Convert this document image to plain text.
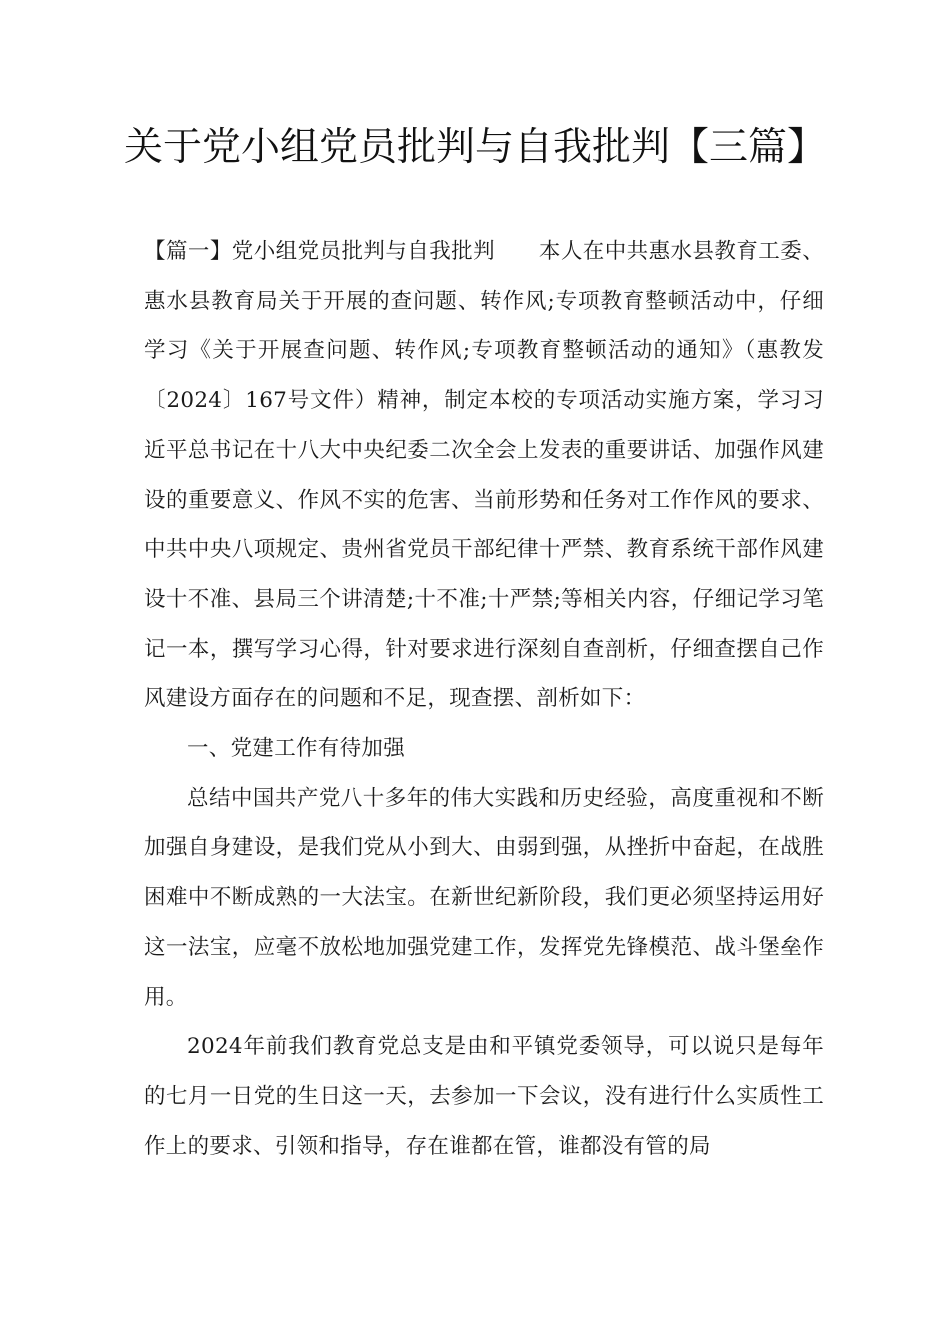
关于党小组党员批判与自我批判【三篇】

【篇一】党小组党员批判与自我批判　　本人在中共惠水县教育工委、惠水县教育局关于开展的查问题、转作风;专项教育整顿活动中，仔细学习《关于开展查问题、转作风;专项教育整顿活动的通知》（惠教发〔2024〕167号文件）精神，制定本校的专项活动实施方案，学习习近平总书记在十八大中央纪委二次全会上发表的重要讲话、加强作风建设的重要意义、作风不实的危害、当前形势和任务对工作作风的要求、中共中央八项规定、贵州省党员干部纪律十严禁、教育系统干部作风建设十不准、县局三个讲清楚;十不准;十严禁;等相关内容，仔细记学习笔记一本，撰写学习心得，针对要求进行深刻自查剖析，仔细查摆自己作风建设方面存在的问题和不足，现查摆、剖析如下：

一、党建工作有待加强

总结中国共产党八十多年的伟大实践和历史经验，高度重视和不断加强自身建设，是我们党从小到大、由弱到强，从挫折中奋起，在战胜困难中不断成熟的一大法宝。在新世纪新阶段，我们更必须坚持运用好这一法宝，应毫不放松地加强党建工作，发挥党先锋模范、战斗堡垒作用。

2024年前我们教育党总支是由和平镇党委领导，可以说只是每年的七月一日党的生日这一天，去参加一下会议，没有进行什么实质性工作上的要求、引领和指导，存在谁都在管，谁都没有管的局
